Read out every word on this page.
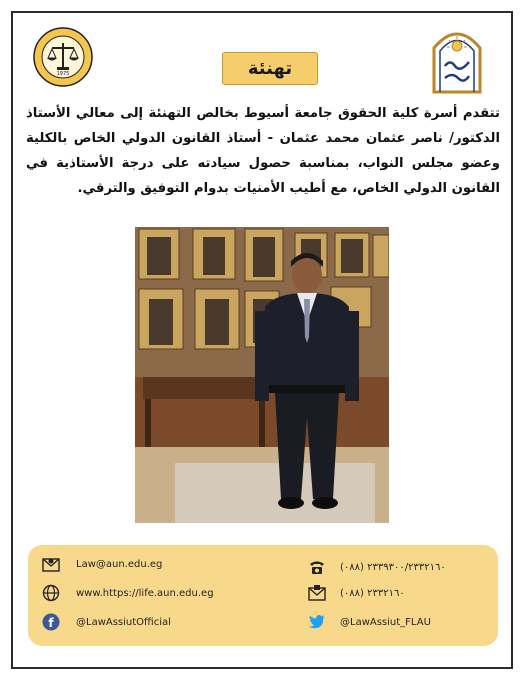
1975	تهنئة
تتقدم أسرة كلية الحقوق جامعة أسيوط بخالص التهنئة إلى معالي الأستاذ الدكتور/ ناصر عثمان محمد عثمان - أستاذ القانون الدولي الخاص بالكلية وعضو مجلس النواب، بمناسبة حصول سيادته على درجة الأستاذية في القانون الدولي الخاص، مع أطيب الأمنيات بدوام التوفيق والترقي.
Law@aun.edu.eg
www.https://life.aun.edu.eg
f @LawAssiutOfficial
(٠٨٨) ٢٣٣٩٣٠٠/٢٣٣٢١٦٠
(٠٨٨) ٢٣٣٢١٦٠
@LawAssiut_FLAU
